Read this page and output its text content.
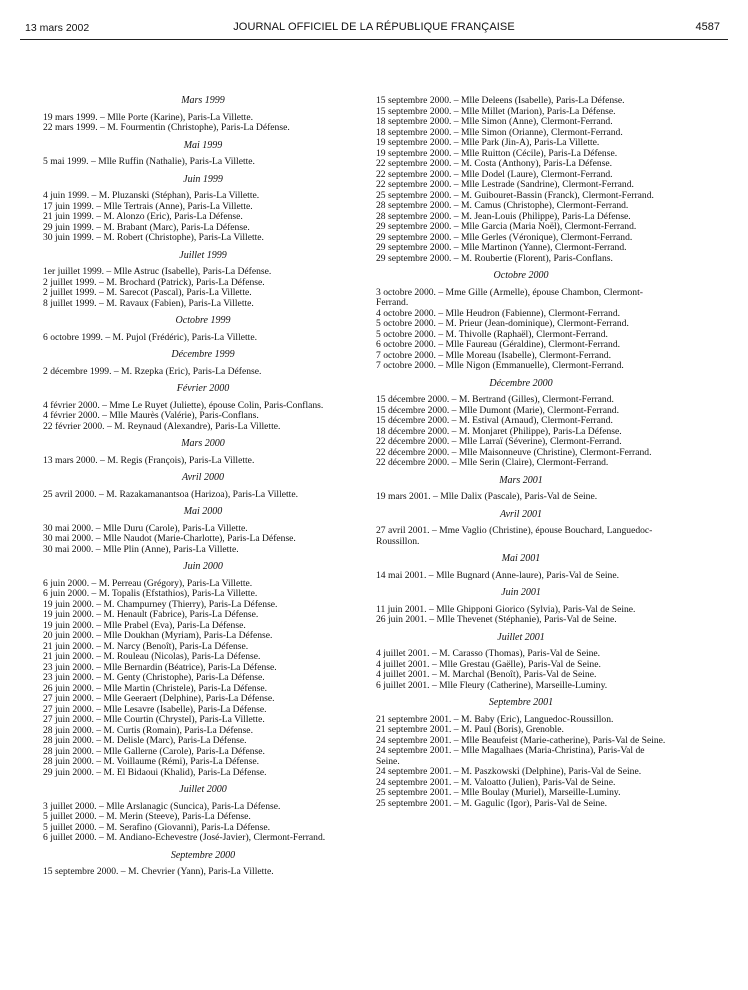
13 mars 2002	JOURNAL OFFICIEL DE LA RÉPUBLIQUE FRANÇAISE	4587
Mars 1999
19 mars 1999. – Mlle Porte (Karine), Paris-La Villette.
22 mars 1999. – M. Fourmentin (Christophe), Paris-La Défense.
Mai 1999
5 mai 1999. – Mlle Ruffin (Nathalie), Paris-La Villette.
Juin 1999
4 juin 1999. – M. Pluzanski (Stéphan), Paris-La Villette.
17 juin 1999. – Mlle Tertrais (Anne), Paris-La Villette.
21 juin 1999. – M. Alonzo (Eric), Paris-La Défense.
29 juin 1999. – M. Brabant (Marc), Paris-La Défense.
30 juin 1999. – M. Robert (Christophe), Paris-La Villette.
Juillet 1999
1er juillet 1999. – Mlle Astruc (Isabelle), Paris-La Défense.
2 juillet 1999. – M. Brochard (Patrick), Paris-La Défense.
2 juillet 1999. – M. Sarecot (Pascal), Paris-La Villette.
8 juillet 1999. – M. Ravaux (Fabien), Paris-La Villette.
Octobre 1999
6 octobre 1999. – M. Pujol (Frédéric), Paris-La Villette.
Décembre 1999
2 décembre 1999. – M. Rzepka (Eric), Paris-La Défense.
Février 2000
4 février 2000. – Mme Le Ruyet (Juliette), épouse Colin, Paris-Conflans.
4 février 2000. – Mlle Maurès (Valérie), Paris-Conflans.
22 février 2000. – M. Reynaud (Alexandre), Paris-La Villette.
Mars 2000
13 mars 2000. – M. Regis (François), Paris-La Villette.
Avril 2000
25 avril 2000. – M. Razakamanantsoa (Harizoa), Paris-La Villette.
Mai 2000
30 mai 2000. – Mlle Duru (Carole), Paris-La Villette.
30 mai 2000. – Mlle Naudot (Marie-Charlotte), Paris-La Défense.
30 mai 2000. – Mlle Plin (Anne), Paris-La Villette.
Juin 2000
6 juin 2000. – M. Perreau (Grégory), Paris-La Villette.
6 juin 2000. – M. Topalis (Efstathios), Paris-La Villette.
19 juin 2000. – M. Champurney (Thierry), Paris-La Défense.
19 juin 2000. – M. Henault (Fabrice), Paris-La Défense.
19 juin 2000. – Mlle Prabel (Eva), Paris-La Défense.
20 juin 2000. – Mlle Doukhan (Myriam), Paris-La Défense.
21 juin 2000. – M. Narcy (Benoît), Paris-La Défense.
21 juin 2000. – M. Rouleau (Nicolas), Paris-La Défense.
23 juin 2000. – Mlle Bernardin (Béatrice), Paris-La Défense.
23 juin 2000. – M. Genty (Christophe), Paris-La Défense.
26 juin 2000. – Mlle Martin (Christele), Paris-La Défense.
27 juin 2000. – Mlle Geeraert (Delphine), Paris-La Défense.
27 juin 2000. – Mlle Lesavre (Isabelle), Paris-La Défense.
27 juin 2000. – Mlle Courtin (Chrystel), Paris-La Villette.
28 juin 2000. – M. Curtis (Romain), Paris-La Défense.
28 juin 2000. – M. Delisle (Marc), Paris-La Défense.
28 juin 2000. – Mlle Gallerne (Carole), Paris-La Défense.
28 juin 2000. – M. Voillaume (Rémi), Paris-La Défense.
29 juin 2000. – M. El Bidaoui (Khalid), Paris-La Défense.
Juillet 2000
3 juillet 2000. – Mlle Arslanagic (Suncica), Paris-La Défense.
5 juillet 2000. – M. Merin (Steeve), Paris-La Défense.
5 juillet 2000. – M. Serafino (Giovanni), Paris-La Défense.
6 juillet 2000. – M. Andiano-Echevestre (José-Javier), Clermont-Ferrand.
Septembre 2000
15 septembre 2000. – M. Chevrier (Yann), Paris-La Villette.
15 septembre 2000. – Mlle Deleens (Isabelle), Paris-La Défense.
15 septembre 2000. – Mlle Millet (Marion), Paris-La Défense.
18 septembre 2000. – Mlle Simon (Anne), Clermont-Ferrand.
18 septembre 2000. – Mlle Simon (Orianne), Clermont-Ferrand.
19 septembre 2000. – Mlle Park (Jin-A), Paris-La Villette.
19 septembre 2000. – Mlle Ruitton (Cécile), Paris-La Défense.
22 septembre 2000. – M. Costa (Anthony), Paris-La Défense.
22 septembre 2000. – Mlle Dodel (Laure), Clermont-Ferrand.
22 septembre 2000. – Mlle Lestrade (Sandrine), Clermont-Ferrand.
25 septembre 2000. – M. Guibouret-Bassin (Franck), Clermont-Ferrand.
28 septembre 2000. – M. Camus (Christophe), Clermont-Ferrand.
28 septembre 2000. – M. Jean-Louis (Philippe), Paris-La Défense.
29 septembre 2000. – Mlle Garcia (Maria Noël), Clermont-Ferrand.
29 septembre 2000. – Mlle Gerles (Véronique), Clermont-Ferrand.
29 septembre 2000. – Mlle Martinon (Yanne), Clermont-Ferrand.
29 septembre 2000. – M. Roubertie (Florent), Paris-Conflans.
Octobre 2000
3 octobre 2000. – Mme Gille (Armelle), épouse Chambon, Clermont-Ferrand.
4 octobre 2000. – Mlle Heudron (Fabienne), Clermont-Ferrand.
5 octobre 2000. – M. Prieur (Jean-dominique), Clermont-Ferrand.
5 octobre 2000. – M. Thivolle (Raphaël), Clermont-Ferrand.
6 octobre 2000. – Mlle Faureau (Géraldine), Clermont-Ferrand.
7 octobre 2000. – Mlle Moreau (Isabelle), Clermont-Ferrand.
7 octobre 2000. – Mlle Nigon (Emmanuelle), Clermont-Ferrand.
Décembre 2000
15 décembre 2000. – M. Bertrand (Gilles), Clermont-Ferrand.
15 décembre 2000. – Mlle Dumont (Marie), Clermont-Ferrand.
15 décembre 2000. – M. Estival (Arnaud), Clermont-Ferrand.
18 décembre 2000. – M. Monjaret (Philippe), Paris-La Défense.
22 décembre 2000. – Mlle Larraï (Séverine), Clermont-Ferrand.
22 décembre 2000. – Mlle Maisonneuve (Christine), Clermont-Ferrand.
22 décembre 2000. – Mlle Serin (Claire), Clermont-Ferrand.
Mars 2001
19 mars 2001. – Mlle Dalix (Pascale), Paris-Val de Seine.
Avril 2001
27 avril 2001. – Mme Vaglio (Christine), épouse Bouchard, Languedoc-Roussillon.
Mai 2001
14 mai 2001. – Mlle Bugnard (Anne-laure), Paris-Val de Seine.
Juin 2001
11 juin 2001. – Mlle Ghipponi Giorico (Sylvia), Paris-Val de Seine.
26 juin 2001. – Mlle Thevenet (Stéphanie), Paris-Val de Seine.
Juillet 2001
4 juillet 2001. – M. Carasso (Thomas), Paris-Val de Seine.
4 juillet 2001. – Mlle Grestau (Gaëlle), Paris-Val de Seine.
4 juillet 2001. – M. Marchal (Benoît), Paris-Val de Seine.
6 juillet 2001. – Mlle Fleury (Catherine), Marseille-Luminy.
Septembre 2001
21 septembre 2001. – M. Baby (Eric), Languedoc-Roussillon.
21 septembre 2001. – M. Paul (Boris), Grenoble.
24 septembre 2001. – Mlle Beaufeist (Marie-catherine), Paris-Val de Seine.
24 septembre 2001. – Mlle Magalhaes (Maria-Christina), Paris-Val de Seine.
24 septembre 2001. – M. Paszkowski (Delphine), Paris-Val de Seine.
24 septembre 2001. – M. Valoatto (Julien), Paris-Val de Seine.
25 septembre 2001. – Mlle Boulay (Muriel), Marseille-Luminy.
25 septembre 2001. – M. Gagulic (Igor), Paris-Val de Seine.
